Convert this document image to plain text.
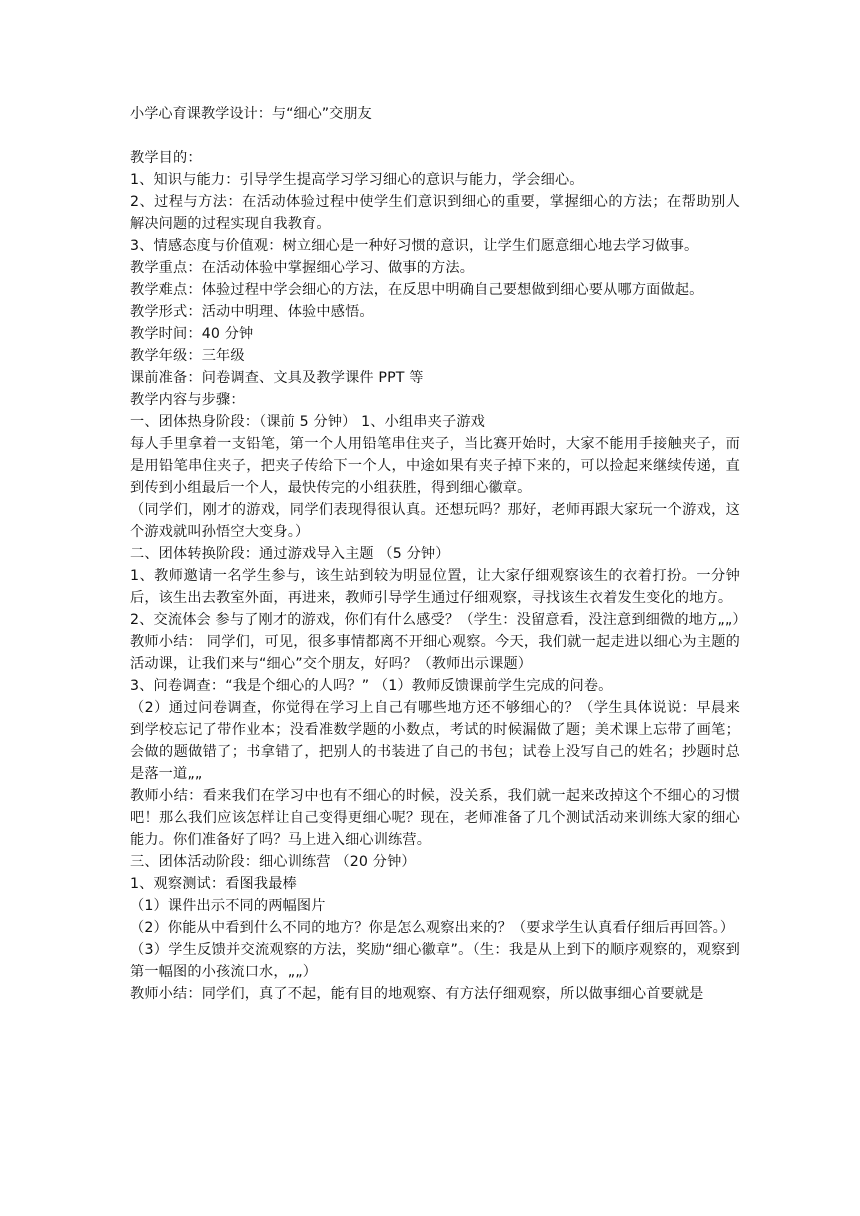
小学心育课教学设计：与“细心”交朋友

教学目的：

1、知识与能力：引导学生提高学习学习细心的意识与能力，学会细心。

2、过程与方法：在活动体验过程中使学生们意识到细心的重要，掌握细心的方法；在帮助别人解决问题的过程实现自我教育。

3、情感态度与价值观：树立细心是一种好习惯的意识，让学生们愿意细心地去学习做事。

教学重点：在活动体验中掌握细心学习、做事的方法。

教学难点：体验过程中学会细心的方法，在反思中明确自己要想做到细心要从哪方面做起。

教学形式：活动中明理、体验中感悟。

教学时间：40 分钟

教学年级：三年级

课前准备：问卷调查、文具及教学课件 PPT 等

教学内容与步骤：

一、团体热身阶段：（课前 5 分钟） 1、小组串夹子游戏

每人手里拿着一支铅笔，第一个人用铅笔串住夹子，当比赛开始时，大家不能用手接触夹子，而是用铅笔串住夹子，把夹子传给下一个人，中途如果有夹子掉下来的，可以捡起来继续传递，直到传到小组最后一个人，最快传完的小组获胜，得到细心徽章。

（同学们，刚才的游戏，同学们表现得很认真。还想玩吗？那好，老师再跟大家玩一个游戏，这个游戏就叫孙悟空大变身。）

二、团体转换阶段：通过游戏导入主题 （5 分钟）

1、教师邀请一名学生参与，该生站到较为明显位置，让大家仔细观察该生的衣着打扮。一分钟后，该生出去教室外面，再进来，教师引导学生通过仔细观察，寻找该生衣着发生变化的地方。

2、交流体会 参与了刚才的游戏，你们有什么感受？（学生：没留意看，没注意到细微的地方„„）

教师小结： 同学们，可见，很多事情都离不开细心观察。今天，我们就一起走进以细心为主题的活动课，让我们来与“细心”交个朋友，好吗？（教师出示课题）

3、问卷调查：“我是个细心的人吗？” （1）教师反馈课前学生完成的问卷。

（2）通过问卷调查，你觉得在学习上自己有哪些地方还不够细心的？（学生具体说说：早晨来到学校忘记了带作业本；没看准数学题的小数点，考试的时候漏做了题；美术课上忘带了画笔；会做的题做错了；书拿错了，把别人的书装进了自己的书包；试卷上没写自己的姓名；抄题时总是落一道„„

教师小结：看来我们在学习中也有不细心的时候，没关系，我们就一起来改掉这个不细心的习惯吧！那么我们应该怎样让自己变得更细心呢？现在，老师准备了几个测试活动来训练大家的细心能力。你们准备好了吗？马上进入细心训练营。

三、团体活动阶段：细心训练营 （20 分钟）

1、观察测试：看图我最棒

（1）课件出示不同的两幅图片

（2）你能从中看到什么不同的地方？你是怎么观察出来的？（要求学生认真看仔细后再回答。）

（3）学生反馈并交流观察的方法，奖励“细心徽章”。（生：我是从上到下的顺序观察的，观察到第一幅图的小孩流口水，„„）

教师小结：同学们，真了不起，能有目的地观察、有方法仔细观察，所以做事细心首要就是
